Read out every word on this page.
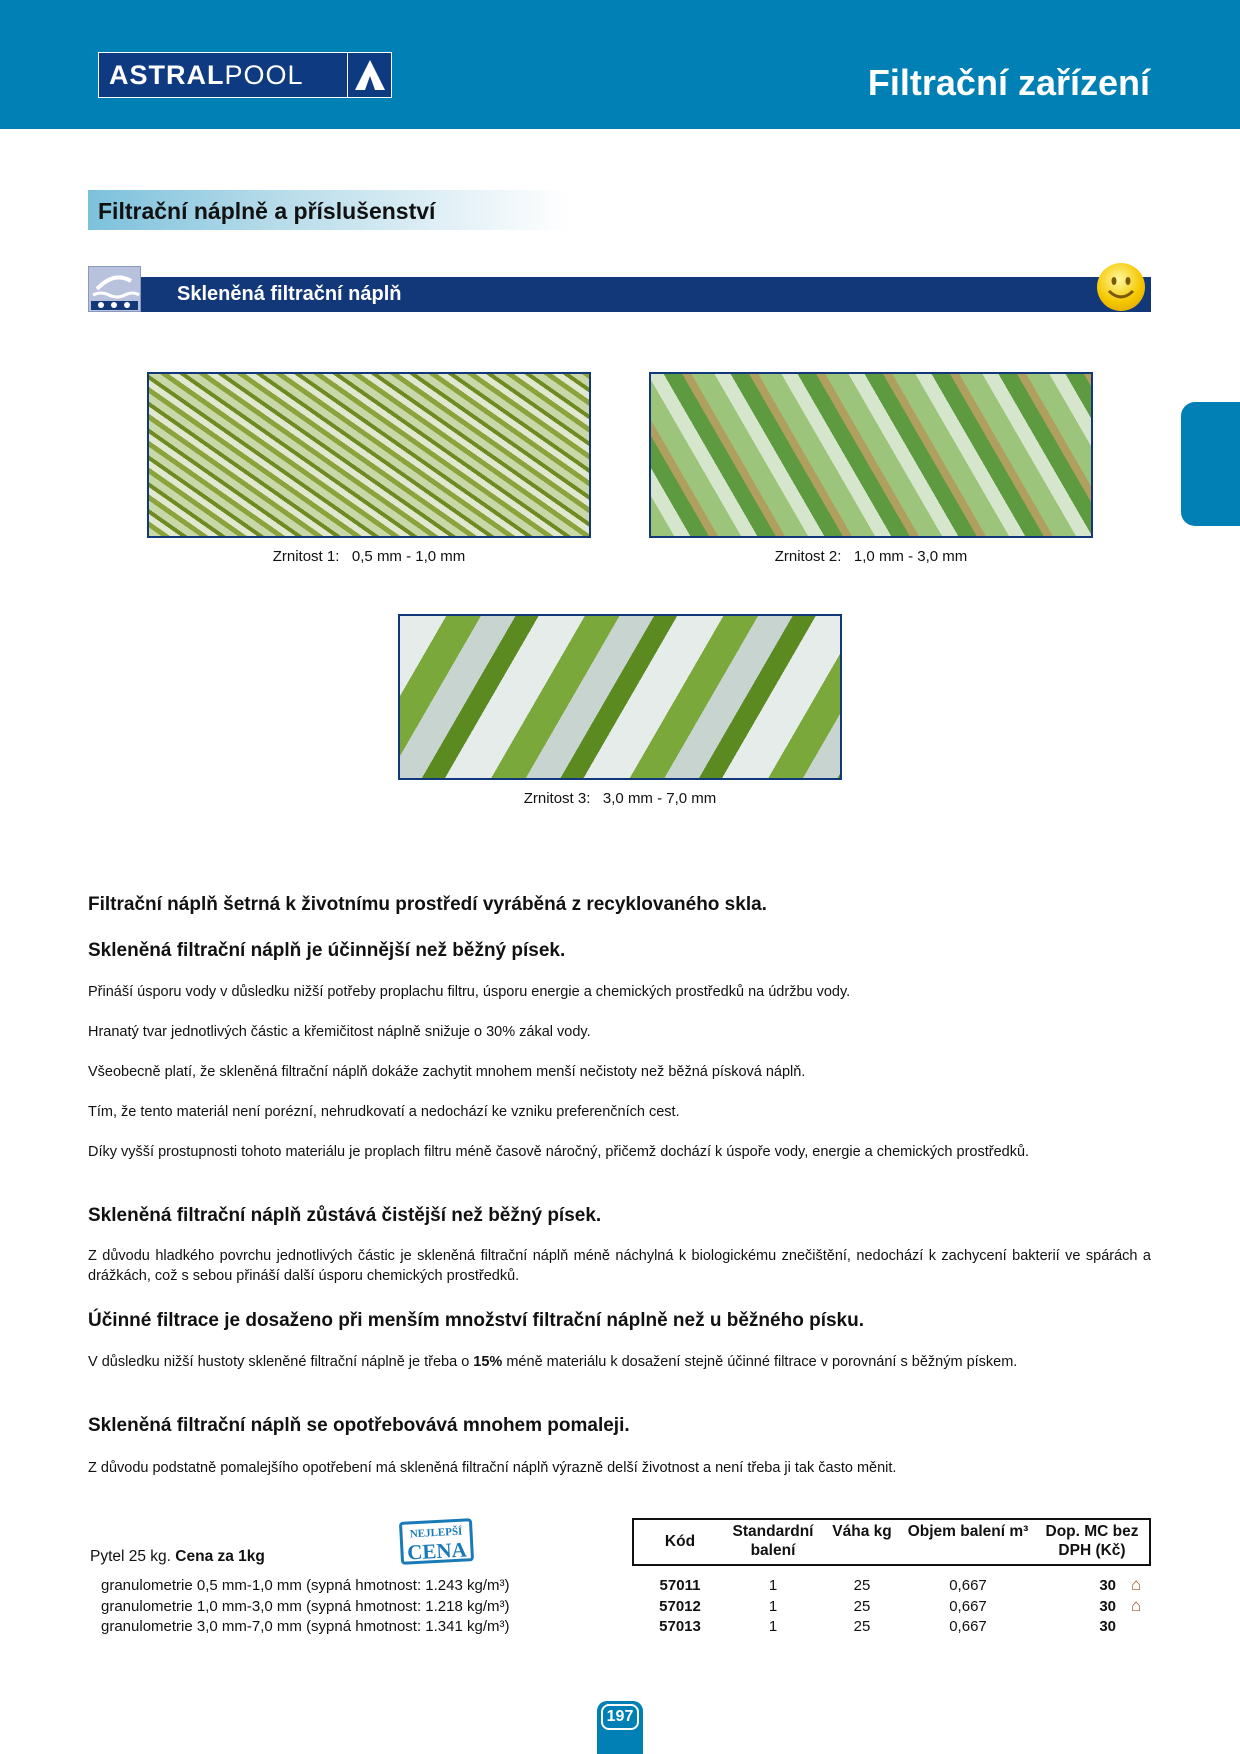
ASTRALPOOL	Filtrační zařízení
Filtrační náplně a příslušenství
Skleněná filtrační náplň
Zrnitost 1: 0,5 mm - 1,0 mm	Zrnitost 2: 1,0 mm - 3,0 mm
Zrnitost 3: 3,0 mm - 7,0 mm
Filtrační náplň šetrná k životnímu prostředí vyráběná z recyklovaného skla.
Skleněná filtrační náplň je účinnější než běžný písek.
Přináší úsporu vody v důsledku nižší potřeby proplachu filtru, úsporu energie a chemických prostředků na údržbu vody.
Hranatý tvar jednotlivých částic a křemičitost náplně snižuje o 30% zákal vody.
Všeobecně platí, že skleněná filtrační náplň dokáže zachytit mnohem menší nečistoty než běžná písková náplň.
Tím, že tento materiál není porézní, nehrudkovatí a nedochází ke vzniku preferenčních cest.
Díky vyšší prostupnosti tohoto materiálu je proplach filtru méně časově náročný, přičemž dochází k úspoře vody, energie a chemických prostředků.
Skleněná filtrační náplň zůstává čistější než běžný písek.
Z důvodu hladkého povrchu jednotlivých částic je skleněná filtrační náplň méně náchylná k biologickému znečištění, nedochází k zachycení bakterií ve spárách a drážkách, což s sebou přináší další úsporu chemických prostředků.
Účinné filtrace je dosaženo při menším množství filtrační náplně než u běžného písku.
V důsledku nižší hustoty skleněné filtrační náplně je třeba o 15% méně materiálu k dosažení stejně účinné filtrace v porovnání s běžným pískem.
Skleněná filtrační náplň se opotřebovává mnohem pomaleji.
Z důvodu podstatně pomalejšího opotřebení má skleněná filtrační náplň výrazně delší životnost a není třeba ji tak často měnit.
Pytel 25 kg. Cena za 1kg
NEJLEPŠÍ
CENA	Kód
Standardní balení
Váha kg	Objem balení m³	Dop. MC bez DPH (Kč)
granulometrie 0,5 mm-1,0 mm (sypná hmotnost: 1.243 kg/m³)	57011	1	25	0,667	30 ⌂
granulometrie 1,0 mm-3,0 mm (sypná hmotnost: 1.218 kg/m³)	57012	1	25	0,667	30 ⌂
granulometrie 3,0 mm-7,0 mm (sypná hmotnost: 1.341 kg/m³)	57013	1	25	0,667	30
197
